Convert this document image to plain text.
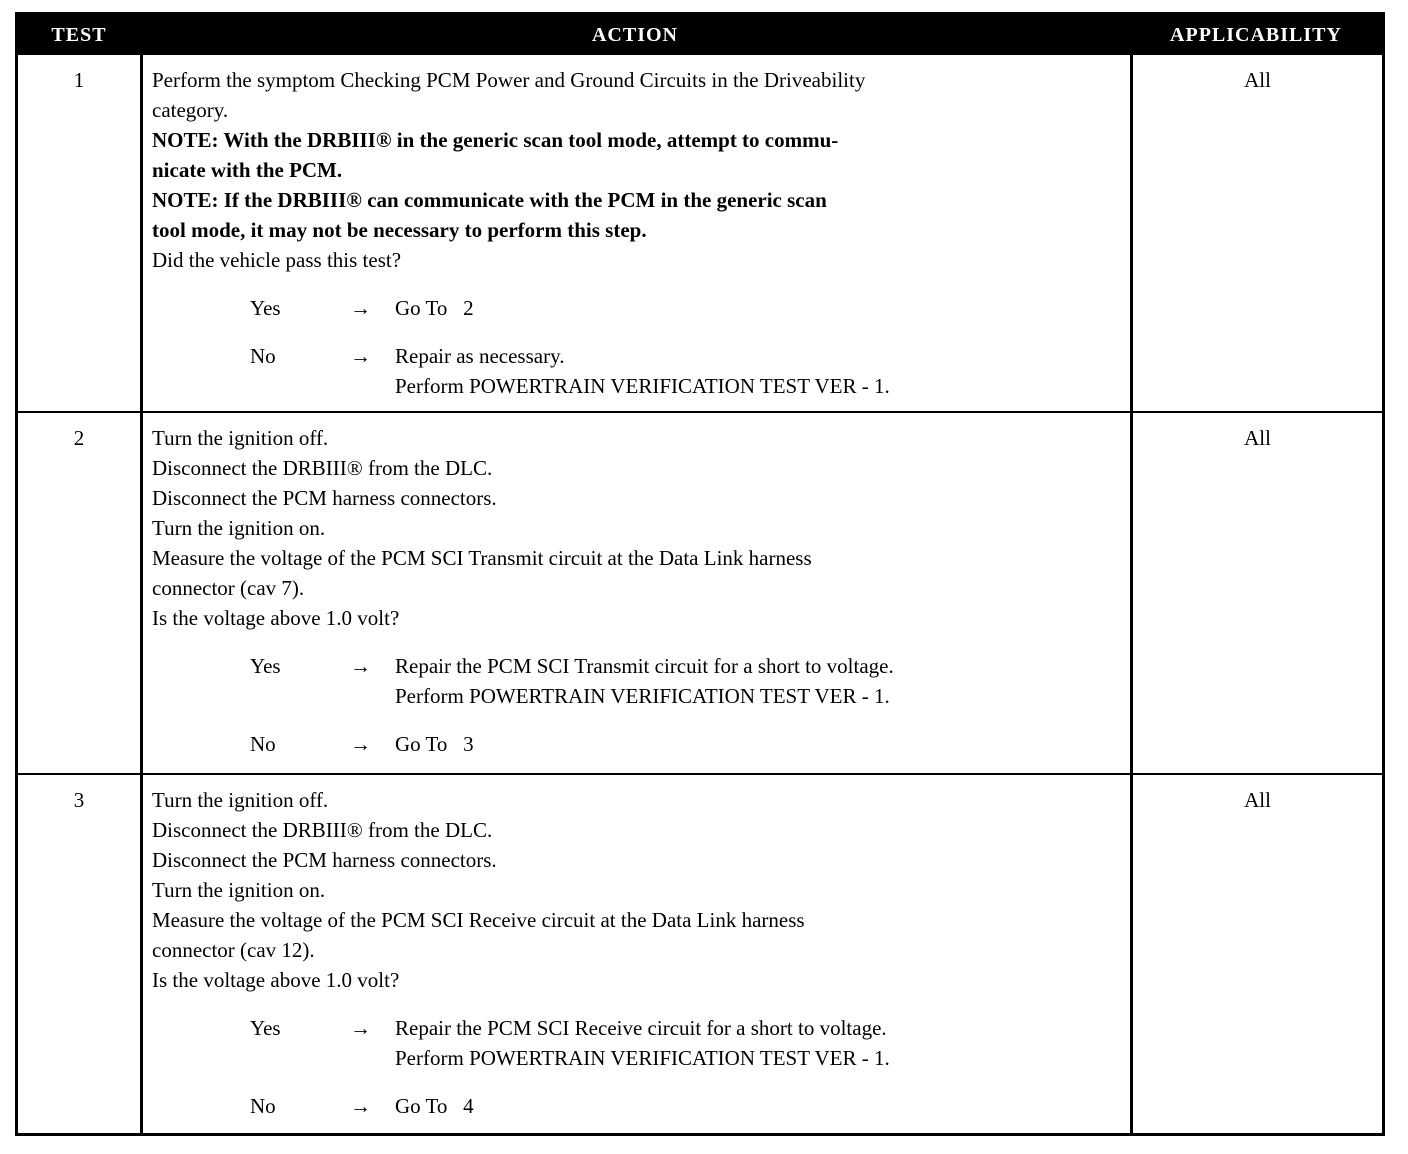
TEST	ACTION	APPLICABILITY
1	Perform the symptom Checking PCM Power and Ground Circuits in the Driveability
category.
NOTE: With the DRBIII® in the generic scan tool mode, attempt to commu-
nicate with the PCM.
NOTE: If the DRBIII® can communicate with the PCM in the generic scan
tool mode, it may not be necessary to perform this step.
Did the vehicle pass this test?
Yes	→	Go To   2
No	→	Repair as necessary.
Perform POWERTRAIN VERIFICATION TEST VER - 1.
All
2	Turn the ignition off.
Disconnect the DRBIII® from the DLC.
Disconnect the PCM harness connectors.
Turn the ignition on.
Measure the voltage of the PCM SCI Transmit circuit at the Data Link harness
connector (cav 7).
Is the voltage above 1.0 volt?
Yes	→	Repair the PCM SCI Transmit circuit for a short to voltage.
Perform POWERTRAIN VERIFICATION TEST VER - 1.
No	→	Go To   3
All
3	Turn the ignition off.
Disconnect the DRBIII® from the DLC.
Disconnect the PCM harness connectors.
Turn the ignition on.
Measure the voltage of the PCM SCI Receive circuit at the Data Link harness
connector (cav 12).
Is the voltage above 1.0 volt?
Yes	→	Repair the PCM SCI Receive circuit for a short to voltage.
Perform POWERTRAIN VERIFICATION TEST VER - 1.
No	→	Go To   4
All
